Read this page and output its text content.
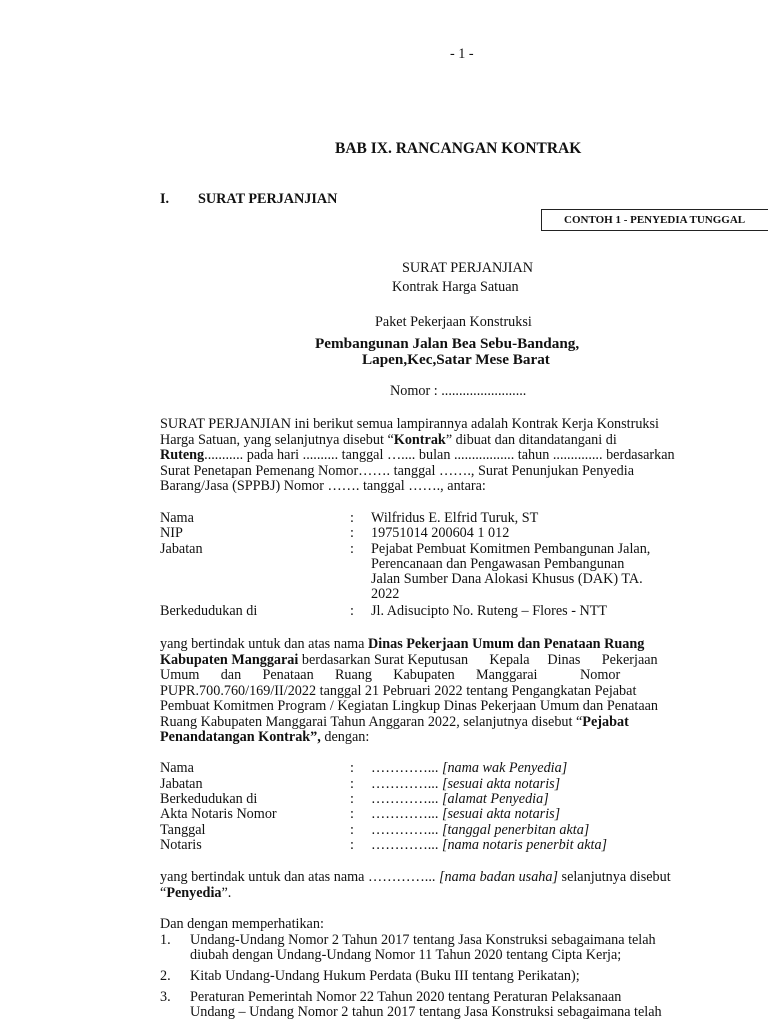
- 1 -
BAB IX. RANCANGAN KONTRAK
I. SURAT PERJANJIAN
CONTOH 1 - PENYEDIA TUNGGAL
SURAT PERJANJIAN
Kontrak Harga Satuan
Paket Pekerjaan Konstruksi
Pembangunan Jalan Bea Sebu-Bandang,
Lapen,Kec,Satar Mese Barat
Nomor : ........................
SURAT PERJANJIAN ini berikut semua lampirannya adalah Kontrak Kerja Konstruksi
Harga Satuan, yang selanjutnya disebut “Kontrak” dibuat dan ditandatangani di
Ruteng........... pada hari .......... tanggal ….... bulan ................. tahun .............. berdasarkan
Surat Penetapan Pemenang Nomor……. tanggal ……., Surat Penunjukan Penyedia
Barang/Jasa (SPPBJ) Nomor ……. tanggal ……., antara:
Nama	: Wilfridus E. Elfrid Turuk, ST
NIP	: 19751014 200604 1 012
Jabatan	: Pejabat Pembuat Komitmen Pembangunan Jalan,
Perencanaan dan Pengawasan Pembangunan
Jalan Sumber Dana Alokasi Khusus (DAK) TA.
2022
Berkedudukan di	: Jl. Adisucipto No. Ruteng – Flores - NTT
yang bertindak untuk dan atas nama Dinas Pekerjaan Umum dan Penataan Ruang
Kabupaten Manggarai berdasarkan Surat Keputusan      Kepala     Dinas      Pekerjaan
Umum      dan      Penataan      Ruang      Kabupaten      Manggarai            Nomor
PUPR.700.760/169/II/2022 tanggal 21 Pebruari 2022 tentang Pengangkatan Pejabat
Pembuat Komitmen Program / Kegiatan Lingkup Dinas Pekerjaan Umum dan Penataan
Ruang Kabupaten Manggarai Tahun Anggaran 2022, selanjutnya disebut “Pejabat
Penandatangan Kontrak”, dengan:
Nama	: …………... [nama wak Penyedia]
Jabatan	: …………... [sesuai akta notaris]
Berkedudukan di	: …………... [alamat Penyedia]
Akta Notaris Nomor	: …………... [sesuai akta notaris]
Tanggal	: …………... [tanggal penerbitan akta]
Notaris	: …………... [nama notaris penerbit akta]
yang bertindak untuk dan atas nama …………... [nama badan usaha] selanjutnya disebut
“Penyedia”.
Dan dengan memperhatikan:
1. Undang-Undang Nomor 2 Tahun 2017 tentang Jasa Konstruksi sebagaimana telah
diubah dengan Undang-Undang Nomor 11 Tahun 2020 tentang Cipta Kerja;
2. Kitab Undang-Undang Hukum Perdata (Buku III tentang Perikatan);
3. Peraturan Pemerintah Nomor 22 Tahun 2020 tentang Peraturan Pelaksanaan
Undang – Undang Nomor 2 tahun 2017 tentang Jasa Konstruksi sebagaimana telah
